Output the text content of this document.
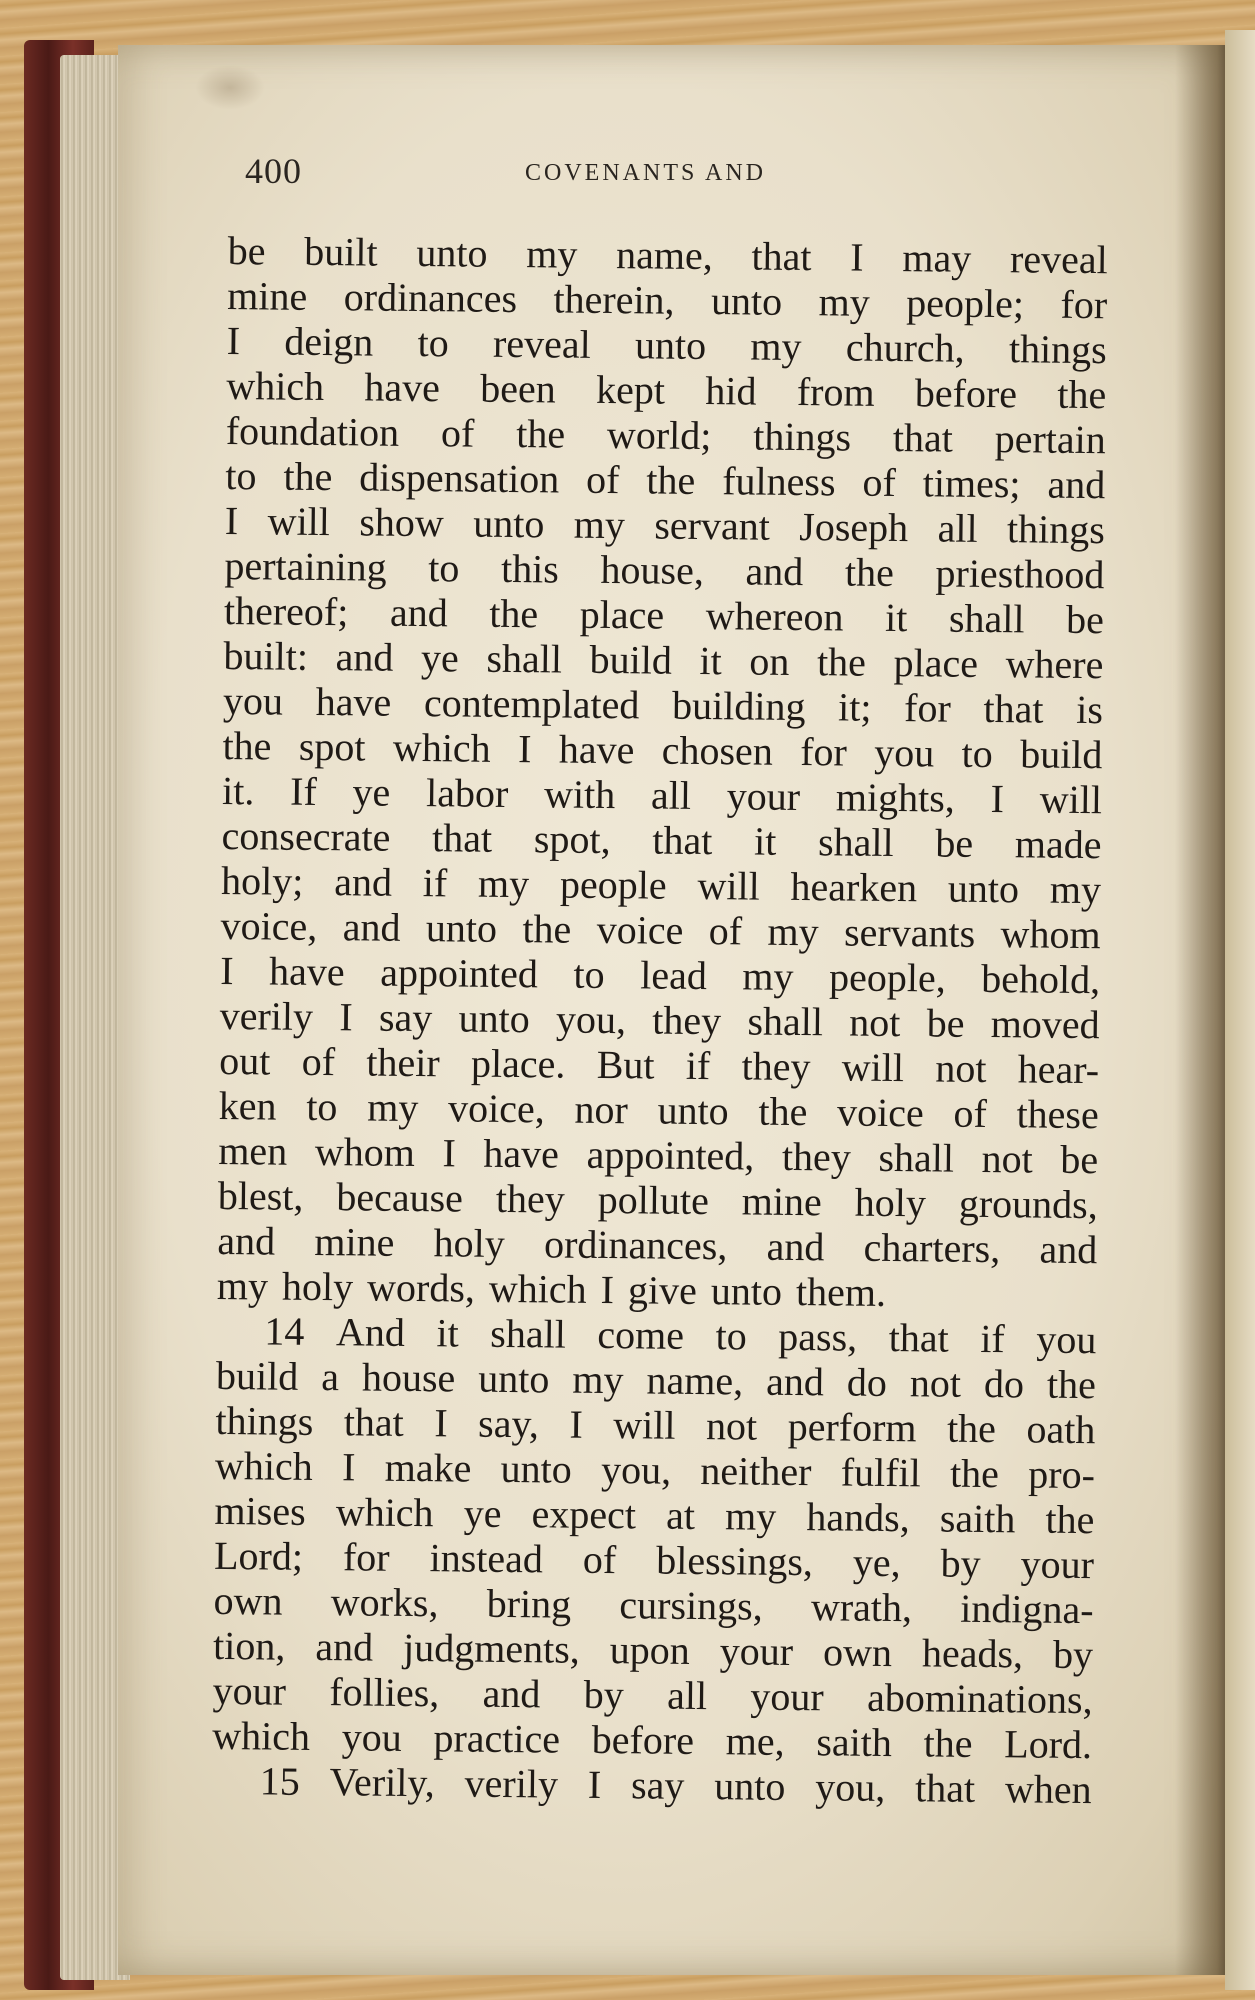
400	COVENANTS AND
be built unto my name, that I may reveal
mine ordinances therein, unto my people; for
I deign to reveal unto my church, things
which have been kept hid from before the
foundation of the world; things that pertain
to the dispensation of the fulness of times; and
I will show unto my servant Joseph all things
pertaining to this house, and the priesthood
thereof; and the place whereon it shall be
built: and ye shall build it on the place where
you have contemplated building it; for that is
the spot which I have chosen for you to build
it. If ye labor with all your mights, I will
consecrate that spot, that it shall be made
holy; and if my people will hearken unto my
voice, and unto the voice of my servants whom
I have appointed to lead my people, behold,
verily I say unto you, they shall not be moved
out of their place. But if they will not hear-
ken to my voice, nor unto the voice of these
men whom I have appointed, they shall not be
blest, because they pollute mine holy grounds,
and mine holy ordinances, and charters, and
my holy words, which I give unto them.
14 And it shall come to pass, that if you
build a house unto my name, and do not do the
things that I say, I will not perform the oath
which I make unto you, neither fulfil the pro-
mises which ye expect at my hands, saith the
Lord; for instead of blessings, ye, by your
own works, bring cursings, wrath, indigna-
tion, and judgments, upon your own heads, by
your follies, and by all your abominations,
which you practice before me, saith the Lord.
15 Verily, verily I say unto you, that when
